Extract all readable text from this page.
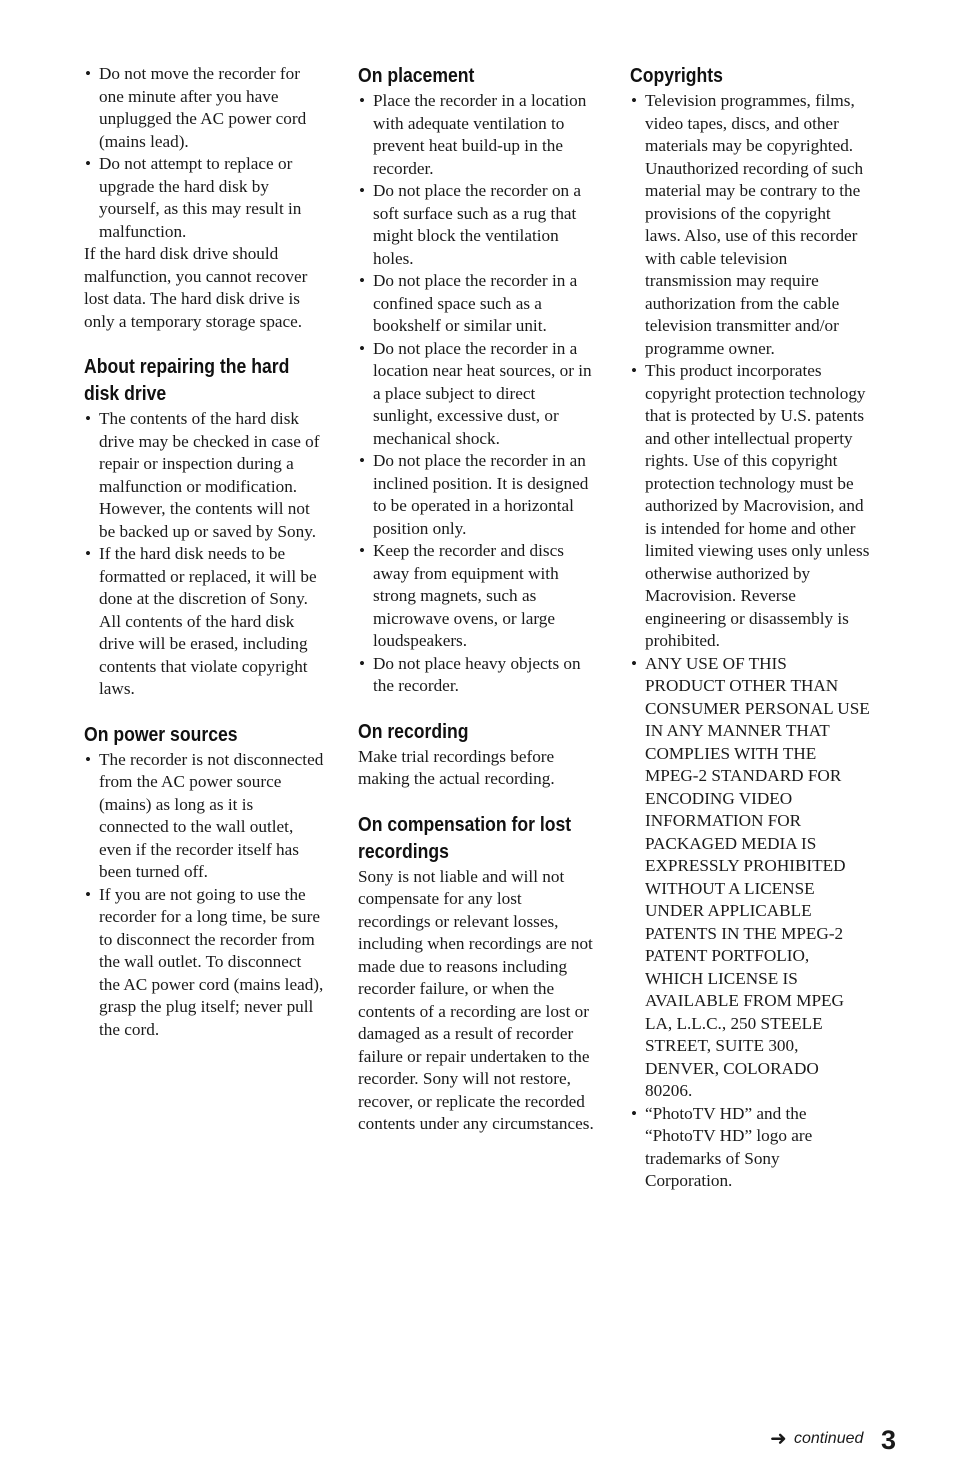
• Do not move the recorder for one minute after you have unplugged the AC power cord (mains lead).
• Do not attempt to replace or upgrade the hard disk by yourself, as this may result in malfunction.

If the hard disk drive should malfunction, you cannot recover lost data. The hard disk drive is only a temporary storage space.

About repairing the hard
disk drive
• The contents of the hard disk drive may be checked in case of repair or inspection during a malfunction or modification. However, the contents will not be backed up or saved by Sony.
• If the hard disk needs to be formatted or replaced, it will be done at the discretion of Sony. All contents of the hard disk drive will be erased, including contents that violate copyright laws.
On power sources
• The recorder is not disconnected from the AC power source (mains) as long as it is connected to the wall outlet, even if the recorder itself has been turned off.
• If you are not going to use the recorder for a long time, be sure to disconnect the recorder from the wall outlet. To disconnect the AC power cord (mains lead), grasp the plug itself; never pull the cord.
On placement
• Place the recorder in a location with adequate ventilation to prevent heat build-up in the recorder.
• Do not place the recorder on a soft surface such as a rug that might block the ventilation holes.
• Do not place the recorder in a confined space such as a bookshelf or similar unit.
• Do not place the recorder in a location near heat sources, or in a place subject to direct sunlight, excessive dust, or mechanical shock.
• Do not place the recorder in an inclined position. It is designed to be operated in a horizontal position only.
• Keep the recorder and discs away from equipment with strong magnets, such as microwave ovens, or large loudspeakers.
• Do not place heavy objects on the recorder.
On recording

Make trial recordings before making the actual recording.

On compensation for lost
recordings

Sony is not liable and will not compensate for any lost recordings or relevant losses, including when recordings are not made due to reasons including recorder failure, or when the contents of a recording are lost or damaged as a result of recorder failure or repair undertaken to the recorder. Sony will not restore, recover, or replicate the recorded contents under any circumstances.

Copyrights
• Television programmes, films, video tapes, discs, and other materials may be copyrighted. Unauthorized recording of such material may be contrary to the provisions of the copyright laws. Also, use of this recorder with cable television transmission may require authorization from the cable television transmitter and/or programme owner.
• This product incorporates copyright protection technology that is protected by U.S. patents and other intellectual property rights. Use of this copyright protection technology must be authorized by Macrovision, and is intended for home and other limited viewing uses only unless otherwise authorized by Macrovision. Reverse engineering or disassembly is prohibited.
• ANY USE OF THIS PRODUCT OTHER THAN CONSUMER PERSONAL USE IN ANY MANNER THAT COMPLIES WITH THE MPEG-2 STANDARD FOR ENCODING VIDEO INFORMATION FOR PACKAGED MEDIA IS EXPRESSLY PROHIBITED WITHOUT A LICENSE UNDER APPLICABLE PATENTS IN THE MPEG-2 PATENT PORTFOLIO, WHICH LICENSE IS AVAILABLE FROM MPEG LA, L.L.C., 250 STEELE STREET, SUITE 300, DENVER, COLORADO 80206.
• “PhotoTV HD” and the “PhotoTV HD” logo are trademarks of Sony Corporation.
➜ continued 3
